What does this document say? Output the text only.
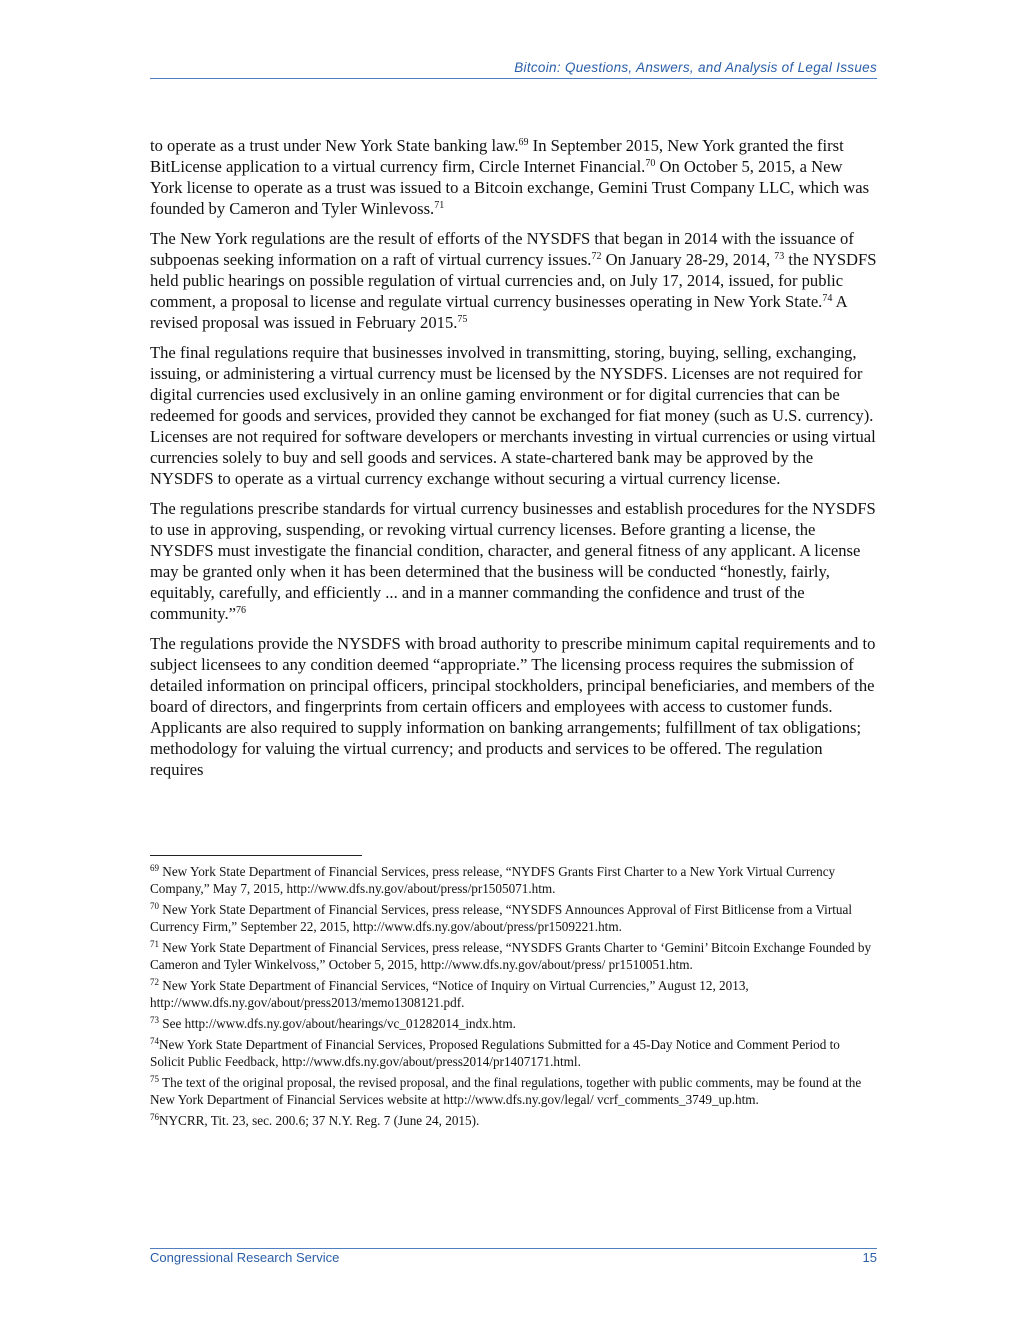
Bitcoin: Questions, Answers, and Analysis of Legal Issues

to operate as a trust under New York State banking law.$^{69}$ In September 2015, New York granted the first BitLicense application to a virtual currency firm, Circle Internet Financial.$^{70}$ On October 5, 2015, a New York license to operate as a trust was issued to a Bitcoin exchange, Gemini Trust Company LLC, which was founded by Cameron and Tyler Winlevoss.$^{71}$

The New York regulations are the result of efforts of the NYSDFS that began in 2014 with the issuance of subpoenas seeking information on a raft of virtual currency issues.$^{72}$ On January 28-29, 2014, $^{73}$ the NYSDFS held public hearings on possible regulation of virtual currencies and, on July 17, 2014, issued, for public comment, a proposal to license and regulate virtual currency businesses operating in New York State.$^{74}$ A revised proposal was issued in February 2015.75

The final regulations require that businesses involved in transmitting, storing, buying, selling, exchanging, issuing, or administering a virtual currency must be licensed by the NYSDFS. Licenses are not required for digital currencies used exclusively in an online gaming environment or for digital currencies that can be redeemed for goods and services, provided they cannot be exchanged for fiat money (such as U.S. currency). Licenses are not required for software developers or merchants investing in virtual currencies or using virtual currencies solely to buy and sell goods and services. A state-chartered bank may be approved by the NYSDFS to operate as a virtual currency exchange without securing a virtual currency license.

The regulations prescribe standards for virtual currency businesses and establish procedures for the NYSDFS to use in approving, suspending, or revoking virtual currency licenses. Before granting a license, the NYSDFS must investigate the financial condition, character, and general fitness of any applicant. A license may be granted only when it has been determined that the business will be conducted “honestly, fairly, equitably, carefully, and efficiently ... and in a manner commanding the confidence and trust of the community.”$^{76}$

The regulations provide the NYSDFS with broad authority to prescribe minimum capital requirements and to subject licensees to any condition deemed “appropriate.” The licensing process requires the submission of detailed information on principal officers, principal stockholders, principal beneficiaries, and members of the board of directors, and fingerprints from certain officers and employees with access to customer funds. Applicants are also required to supply information on banking arrangements; fulfillment of tax obligations; methodology for valuing the virtual currency; and products and services to be offered. The regulation requires

$^{69}$ New York State Department of Financial Services, press release, “NYDFS Grants First Charter to a New York Virtual Currency Company,” May 7, 2015, http://www.dfs.ny.gov/about/press/pr1505071.htm.

$^{70}$ New York State Department of Financial Services, press release, “NYSDFS Announces Approval of First Bitlicense from a Virtual Currency Firm,” September 22, 2015, http://www.dfs.ny.gov/about/press/pr1509221.htm.

$^{71}$ New York State Department of Financial Services, press release, “NYSDFS Grants Charter to ‘Gemini’ Bitcoin Exchange Founded by Cameron and Tyler Winkelvoss,” October 5, 2015, http://www.dfs.ny.gov/about/press/ pr1510051.htm.

$^{72}$ New York State Department of Financial Services, “Notice of Inquiry on Virtual Currencies,” August 12, 2013, http://www.dfs.ny.gov/about/press2013/memo1308121.pdf.

$^{73}$ See http://www.dfs.ny.gov/about/hearings/vc_01282014_indx.htm.

$^{74}$New York State Department of Financial Services, Proposed Regulations Submitted for a 45-Day Notice and Comment Period to Solicit Public Feedback, http://www.dfs.ny.gov/about/press2014/pr1407171.html.

$^{75}$ The text of the original proposal, the revised proposal, and the final regulations, together with public comments, may be found at the New York Department of Financial Services website at http://www.dfs.ny.gov/legal/ vcrf_comments_3749_up.htm.

$^{76}$NYCRR, Tit. 23, sec. 200.6; 37 N.Y. Reg. 7 (June 24, 2015).

Congressional Research Service	15
